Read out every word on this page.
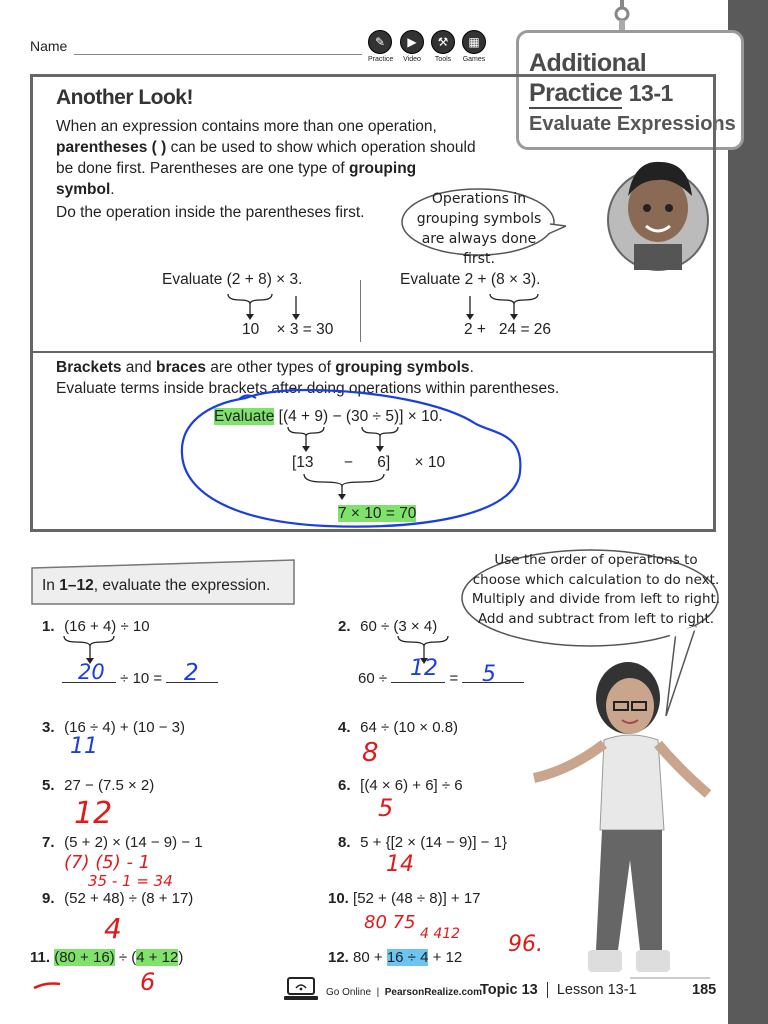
Name	✎
Practice
▶
Video
⚒
Tools
▦
Games Additional
Practice 13-1
Evaluate Expressions
Another Look!
When an expression contains more than one operation, parentheses ( ) can be used to show which operation should be done first. Parentheses are one type of grouping symbol.
Do the operation inside the parentheses first.
Operations in grouping symbols are always done first.
Evaluate (2 + 8) × 3.	Evaluate 2 + (8 × 3).
10 × 3 = 30	2 + 24 = 26
Brackets and braces are other types of grouping symbols.
Evaluate terms inside brackets after doing operations within parentheses.
Evaluate [(4 + 9) − (30 ÷ 5)] × 10.
[13 − 6] × 10
7 × 10 = 70
In 1–12, evaluate the expression.
Use the order of operations to choose which calculation to do next. Multiply and divide from left to right. Add and subtract from left to right.
1. (16 + 4) ÷ 10
÷ 10 =
20	2
2. 60 ÷ (3 × 4)
60 ÷	=
12 5
3. (16 ÷ 4) + (10 − 3)
11
4. 64 ÷ (10 × 0.8)
8
5. 27 − (7.5 × 2)
12
6. [(4 × 6) + 6] ÷ 6
5
7. (5 + 2) × (14 − 9) − 1
(7) (5) - 1
35 - 1 = 34
8. 5 + {[2 × (14 − 9)] − 1}
14
9. (52 + 48) ÷ (8 + 17)
4
10. [52 + (48 ÷ 8)] + 17
80 75
4 412
11. (80 + 16) ÷ (4 + 12)
6
12. 80 + 16 ÷ 4 + 12
96.
Go Online  |  PearsonRealize.com
Topic 13 Lesson 13-1	185
